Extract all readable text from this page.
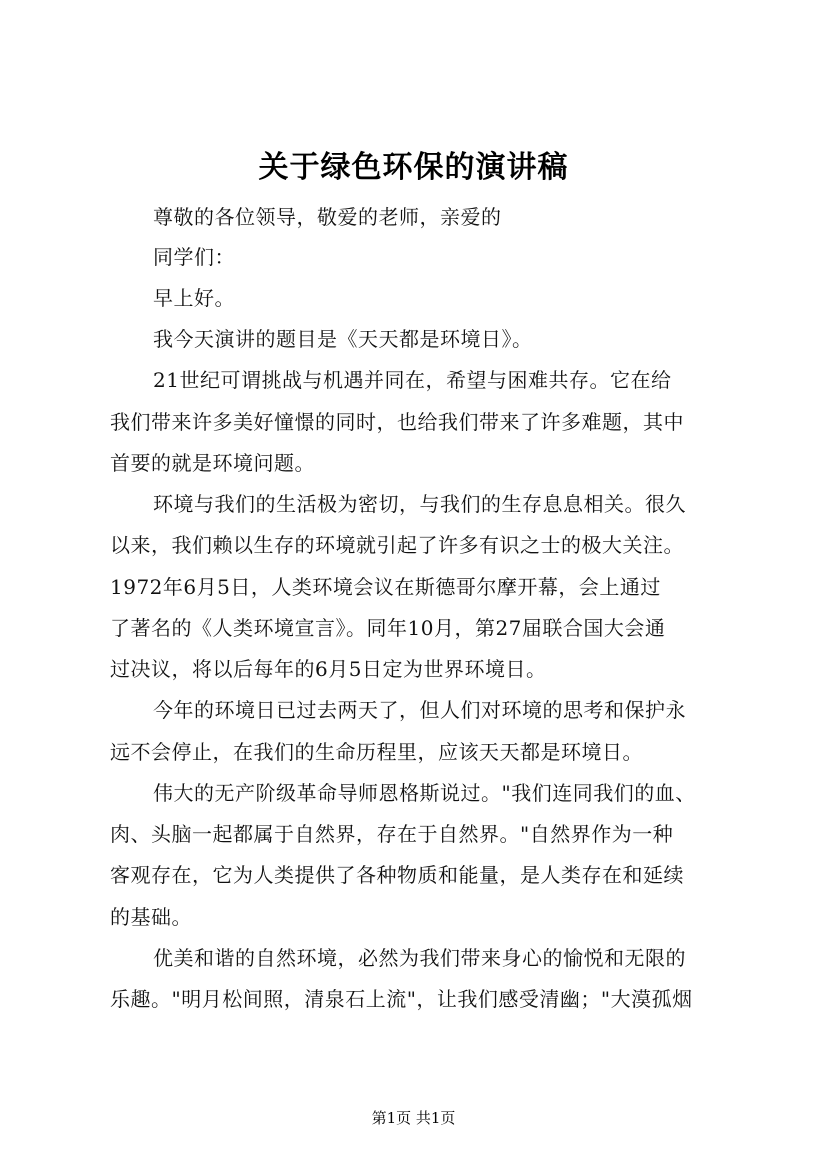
关于绿色环保的演讲稿
尊敬的各位领导，敬爱的老师，亲爱的
同学们：
早上好。
我今天演讲的题目是《天天都是环境日》。
21世纪可谓挑战与机遇并同在，希望与困难共存。它在给
我们带来许多美好憧憬的同时，也给我们带来了许多难题，其中
首要的就是环境问题。
环境与我们的生活极为密切，与我们的生存息息相关。很久
以来，我们赖以生存的环境就引起了许多有识之士的极大关注。
1972年6月5日，人类环境会议在斯德哥尔摩开幕，会上通过
了著名的《人类环境宣言》。同年10月，第27届联合国大会通
过决议，将以后每年的6月5日定为世界环境日。
今年的环境日已过去两天了，但人们对环境的思考和保护永
远不会停止，在我们的生命历程里，应该天天都是环境日。
伟大的无产阶级革命导师恩格斯说过。"我们连同我们的血、
肉、头脑一起都属于自然界，存在于自然界。"自然界作为一种
客观存在，它为人类提供了各种物质和能量，是人类存在和延续
的基础。
优美和谐的自然环境，必然为我们带来身心的愉悦和无限的
乐趣。"明月松间照，清泉石上流"，让我们感受清幽；"大漠孤烟
第1页 共1页
